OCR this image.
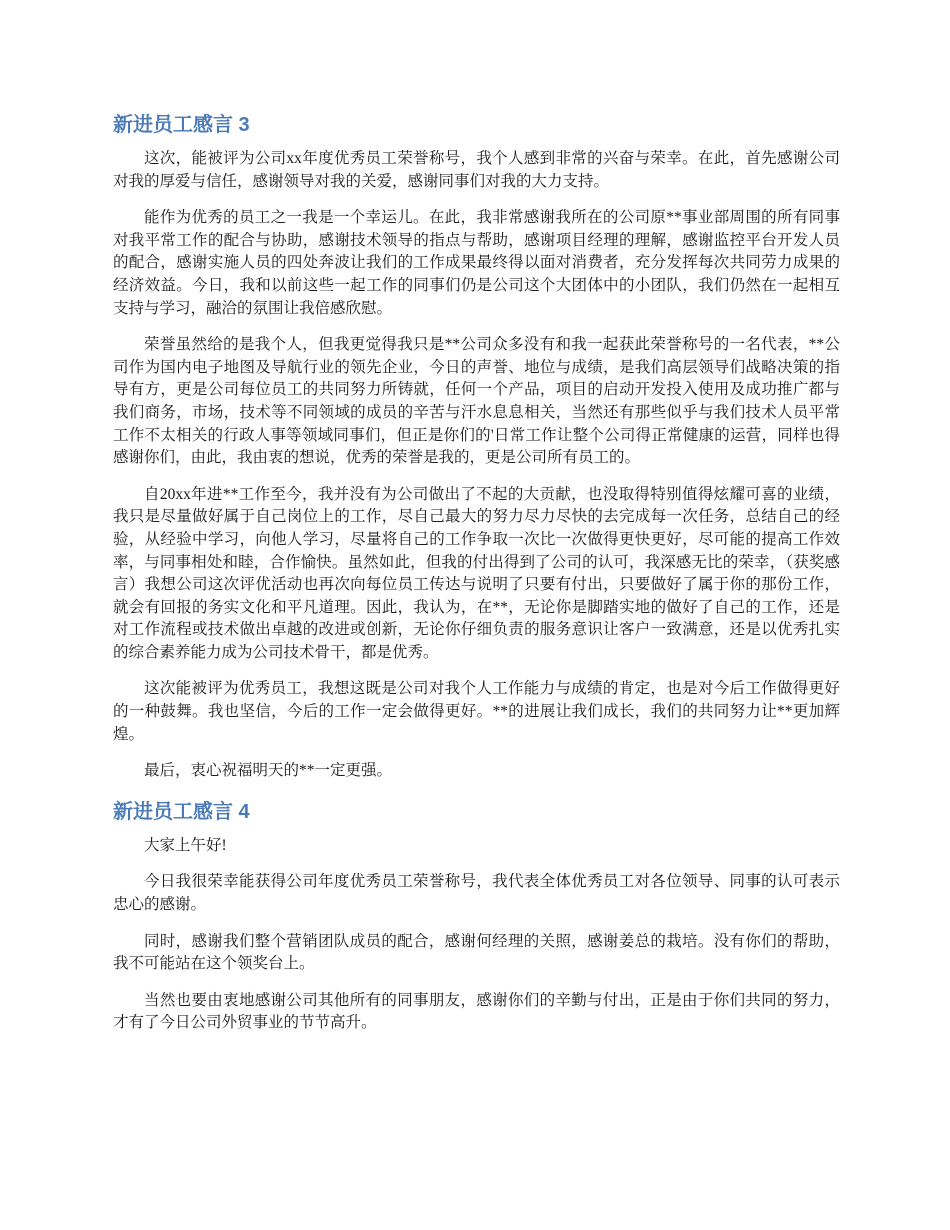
新进员工感言 3

这次，能被评为公司xx年度优秀员工荣誉称号，我个人感到非常的兴奋与荣幸。在此，首先感谢公司对我的厚爱与信任，感谢领导对我的关爱，感谢同事们对我的大力支持。

能作为优秀的员工之一我是一个幸运儿。在此，我非常感谢我所在的公司原**事业部周围的所有同事对我平常工作的配合与协助，感谢技术领导的指点与帮助，感谢项目经理的理解，感谢监控平台开发人员的配合，感谢实施人员的四处奔波让我们的工作成果最终得以面对消费者，充分发挥每次共同劳力成果的经济效益。今日，我和以前这些一起工作的同事们仍是公司这个大团体中的小团队，我们仍然在一起相互支持与学习，融洽的氛围让我倍感欣慰。

荣誉虽然给的是我个人，但我更觉得我只是**公司众多没有和我一起获此荣誉称号的一名代表，**公司作为国内电子地图及导航行业的领先企业，今日的声誉、地位与成绩，是我们高层领导们战略决策的指导有方，更是公司每位员工的共同努力所铸就，任何一个产品，项目的启动开发投入使用及成功推广都与我们商务，市场，技术等不同领域的成员的辛苦与汗水息息相关，当然还有那些似乎与我们技术人员平常工作不太相关的行政人事等领域同事们，但正是你们的'日常工作让整个公司得正常健康的运营，同样也得感谢你们，由此，我由衷的想说，优秀的荣誉是我的，更是公司所有员工的。

自20xx年进**工作至今，我并没有为公司做出了不起的大贡献，也没取得特别值得炫耀可喜的业绩，我只是尽量做好属于自己岗位上的工作，尽自己最大的努力尽力尽快的去完成每一次任务，总结自己的经验，从经验中学习，向他人学习，尽量将自己的工作争取一次比一次做得更快更好，尽可能的提高工作效率，与同事相处和睦，合作愉快。虽然如此，但我的付出得到了公司的认可，我深感无比的荣幸，（获奖感言）我想公司这次评优活动也再次向每位员工传达与说明了只要有付出，只要做好了属于你的那份工作，就会有回报的务实文化和平凡道理。因此，我认为，在**，无论你是脚踏实地的做好了自己的工作，还是对工作流程或技术做出卓越的改进或创新，无论你仔细负责的服务意识让客户一致满意，还是以优秀扎实的综合素养能力成为公司技术骨干，都是优秀。

这次能被评为优秀员工，我想这既是公司对我个人工作能力与成绩的肯定，也是对今后工作做得更好的一种鼓舞。我也坚信，今后的工作一定会做得更好。**的进展让我们成长，我们的共同努力让**更加辉煌。

最后，衷心祝福明天的**一定更强。

新进员工感言 4

大家上午好!

今日我很荣幸能获得公司年度优秀员工荣誉称号，我代表全体优秀员工对各位领导、同事的认可表示忠心的感谢。

同时，感谢我们整个营销团队成员的配合，感谢何经理的关照，感谢姜总的栽培。没有你们的帮助，我不可能站在这个领奖台上。

当然也要由衷地感谢公司其他所有的同事朋友，感谢你们的辛勤与付出，正是由于你们共同的努力，才有了今日公司外贸事业的节节高升。
